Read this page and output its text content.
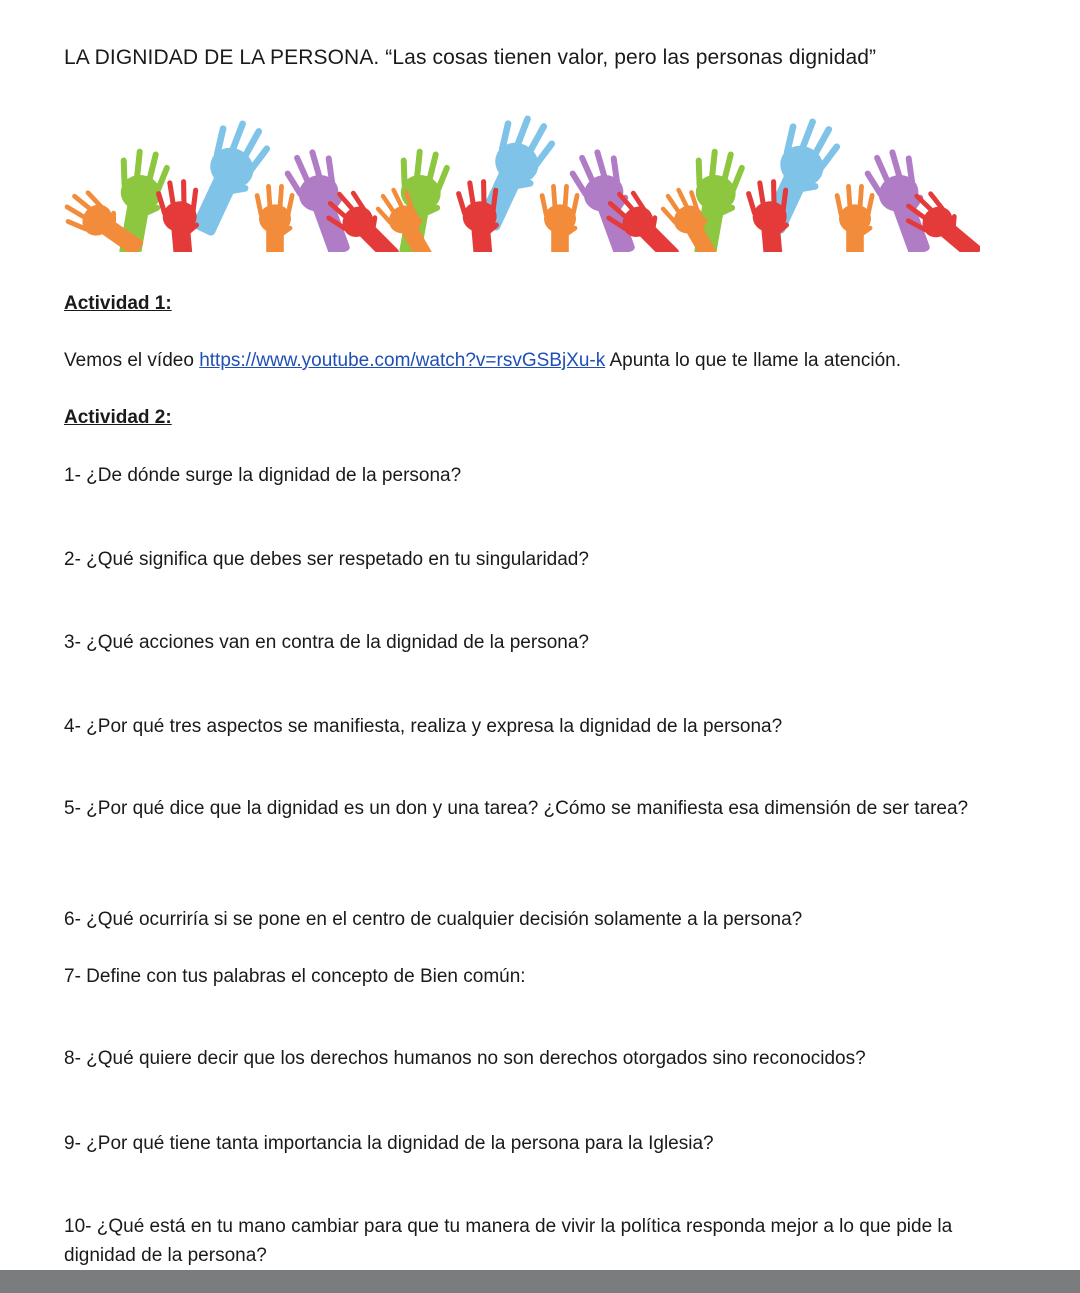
LA DIGNIDAD DE LA PERSONA. “Las cosas tienen valor, pero las personas dignidad”
Actividad 1:
Vemos el vídeo https://www.youtube.com/watch?v=rsvGSBjXu-k Apunta lo que te llame la atención.
Actividad 2:
1- ¿De dónde surge la dignidad de la persona?
2- ¿Qué significa que debes ser respetado en tu singularidad?
3- ¿Qué acciones van en contra de la dignidad de la persona?
4- ¿Por qué tres aspectos se manifiesta, realiza y expresa la dignidad de la persona?
5- ¿Por qué dice que la dignidad es un don y una tarea? ¿Cómo se manifiesta esa dimensión de ser tarea?
6- ¿Qué ocurriría si se pone en el centro de cualquier decisión solamente a la persona?
7- Define con tus palabras el concepto de Bien común:
8- ¿Qué quiere decir que los derechos humanos no son derechos otorgados sino reconocidos?
9- ¿Por qué tiene tanta importancia la dignidad de la persona para la Iglesia?
10- ¿Qué está en tu mano cambiar para que tu manera de vivir la política responda mejor a lo que pide la dignidad de la persona?
